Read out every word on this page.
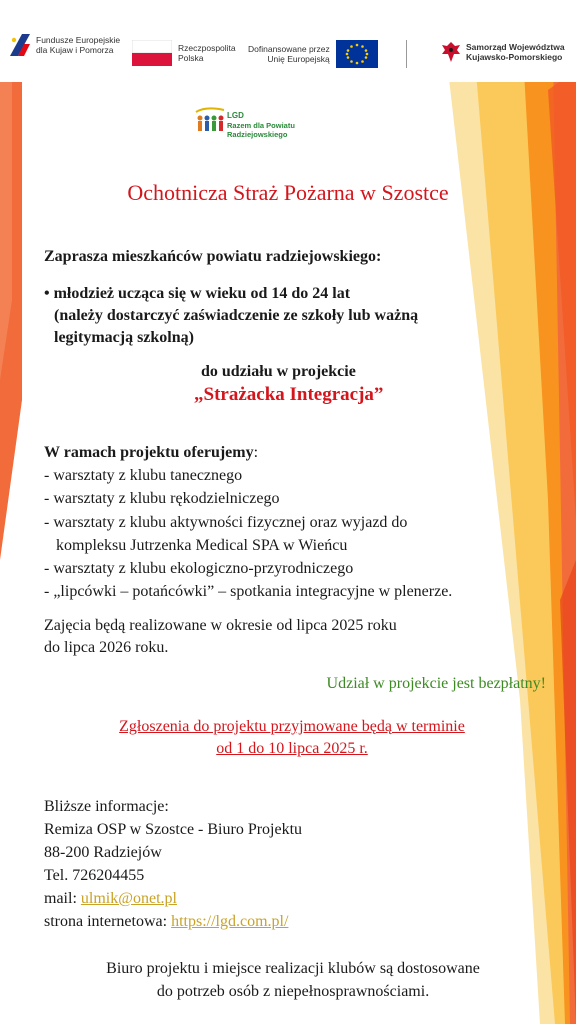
Fundusze Europejskie
dla Kujaw i Pomorza	Rzeczpospolita
Polska
Dofinansowane przez
Unię Europejską
Samorząd Województwa
Kujawsko-Pomorskiego
LGD
Razem dla Powiatu
Radziejowskiego
Ochotnicza Straż Pożarna w Szostce
Zaprasza mieszkańców powiatu radziejowskiego:
• młodzież ucząca się w wieku od 14 do 24 lat
(należy dostarczyć zaświadczenie ze szkoły lub ważną
legitymacją szkolną)
do udziału w projekcie
„Strażacka Integracja”
W ramach projektu oferujemy:
- warsztaty z klubu tanecznego
- warsztaty z klubu rękodzielniczego
- warsztaty z klubu aktywności fizycznej oraz wyjazd do
kompleksu Jutrzenka Medical SPA w Wieńcu
- warsztaty z klubu ekologiczno-przyrodniczego
- „lipcówki – potańcówki” – spotkania integracyjne w plenerze.
Zajęcia będą realizowane w okresie od lipca 2025 roku
do lipca 2026 roku.
Udział w projekcie jest bezpłatny!
Zgłoszenia do projektu przyjmowane będą w terminie
od 1 do 10 lipca 2025 r.
Bliższe informacje:
Remiza OSP w Szostce - Biuro Projektu
88-200 Radziejów
Tel. 726204455
mail: ulmik@onet.pl
strona internetowa: https://lgd.com.pl/
Biuro projektu i miejsce realizacji klubów są dostosowane
do potrzeb osób z niepełnosprawnościami.
